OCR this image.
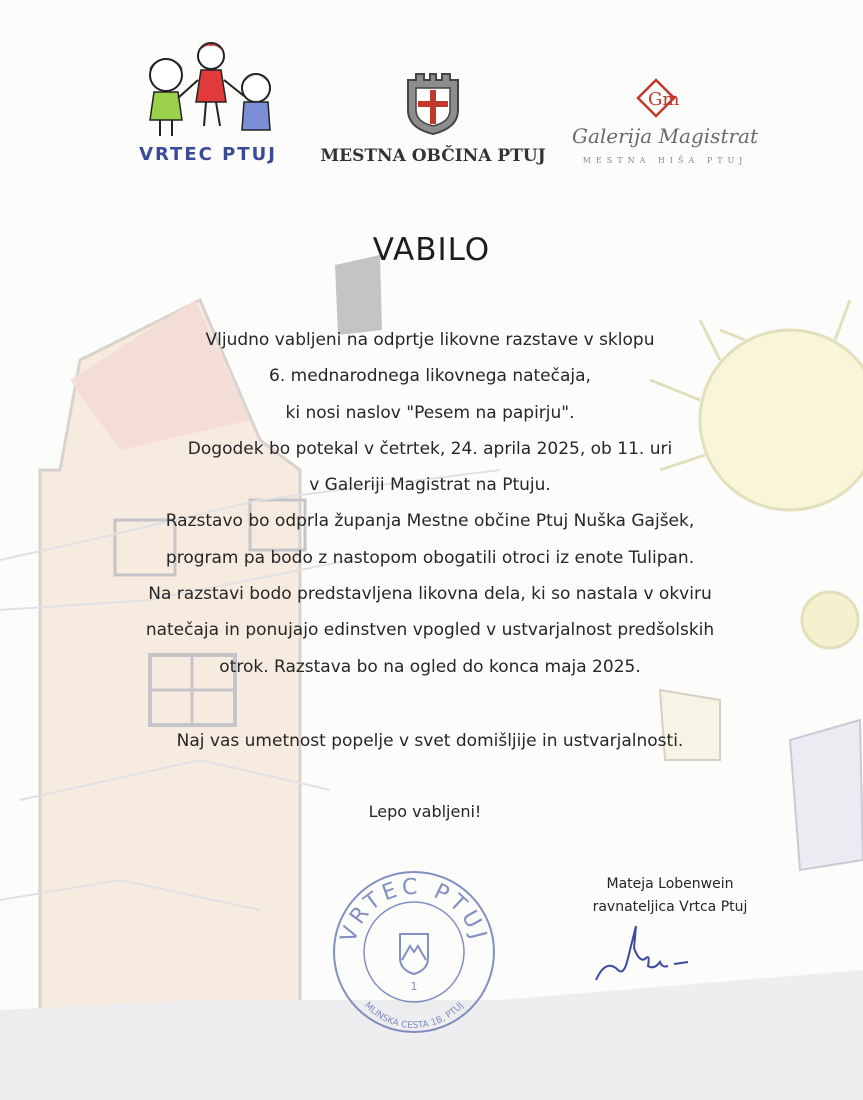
VRTEC PTUJ	MESTNA OBČINA PTUJ
Gm
Galerija Magistrat
MESTNA HIŠA PTUJ
VABILO

Vljudno vabljeni na odprtje likovne razstave v sklopu

6. mednarodnega likovnega natečaja,

ki nosi naslov "Pesem na papirju".

Dogodek bo potekal v četrtek, 24. aprila 2025, ob 11. uri

v Galeriji Magistrat na Ptuju.

Razstavo bo odprla županja Mestne občine Ptuj Nuška Gajšek,

program pa bodo z nastopom obogatili otroci iz enote Tulipan.

Na razstavi bodo predstavljena likovna dela, ki so nastala v okviru

natečaja in ponujajo edinstven vpogled v ustvarjalnost predšolskih

otrok. Razstava bo na ogled do konca maja 2025.

Naj vas umetnost popelje v svet domišljije in ustvarjalnosti.
Lepo vabljeni!
VRTEC PTUJ
MLINSKA CESTA 1B, PTUJ
1
Mateja Lobenwein
ravnateljica Vrtca Ptuj
